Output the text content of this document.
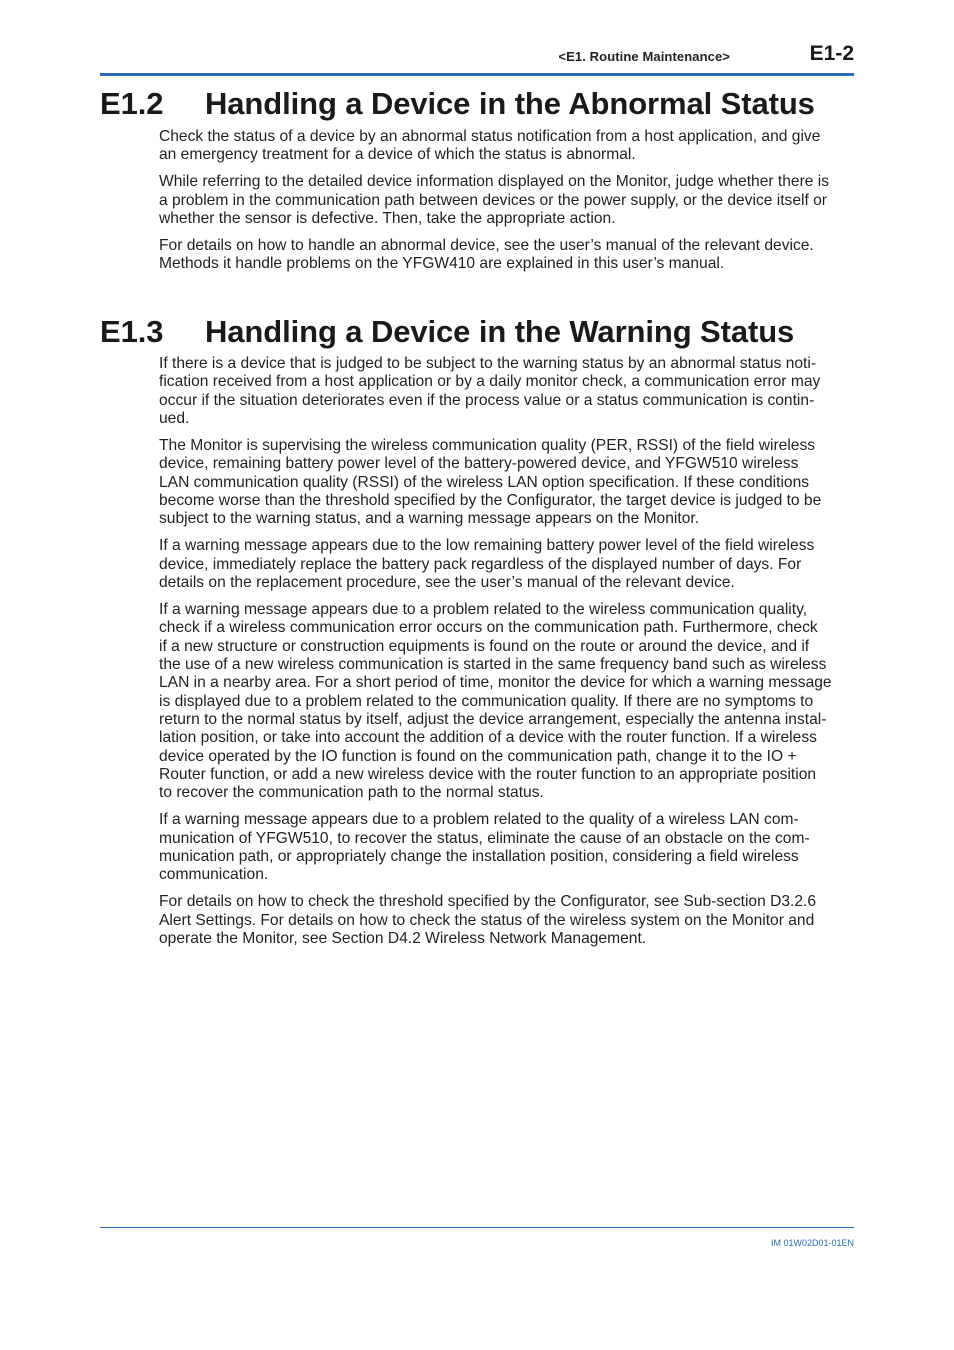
<E1. Routine Maintenance>	E1-2
E1.2 Handling a Device in the Abnormal Status

Check the status of a device by an abnormal status notification from a host application, and give
an emergency treatment for a device of which the status is abnormal.

While referring to the detailed device information displayed on the Monitor, judge whether there is
a problem in the communication path between devices or the power supply, or the device itself or
whether the sensor is defective. Then, take the appropriate action.

For details on how to handle an abnormal device, see the user’s manual of the relevant device.
Methods it handle problems on the YFGW410 are explained in this user’s manual.

E1.3 Handling a Device in the Warning Status

If there is a device that is judged to be subject to the warning status by an abnormal status noti-
fication received from a host application or by a daily monitor check, a communication error may
occur if the situation deteriorates even if the process value or a status communication is contin-
ued.

The Monitor is supervising the wireless communication quality (PER, RSSI) of the field wireless
device, remaining battery power level of the battery-powered device, and YFGW510 wireless
LAN communication quality (RSSI) of the wireless LAN option specification. If these conditions
become worse than the threshold specified by the Configurator, the target device is judged to be
subject to the warning status, and a warning message appears on the Monitor.

If a warning message appears due to the low remaining battery power level of the field wireless
device, immediately replace the battery pack regardless of the displayed number of days. For
details on the replacement procedure, see the user’s manual of the relevant device.

If a warning message appears due to a problem related to the wireless communication quality,
check if a wireless communication error occurs on the communication path. Furthermore, check
if a new structure or construction equipments is found on the route or around the device, and if
the use of a new wireless communication is started in the same frequency band such as wireless
LAN in a nearby area. For a short period of time, monitor the device for which a warning message
is displayed due to a problem related to the communication quality. If there are no symptoms to
return to the normal status by itself, adjust the device arrangement, especially the antenna instal-
lation position, or take into account the addition of a device with the router function. If a wireless
device operated by the IO function is found on the communication path, change it to the IO +
Router function, or add a new wireless device with the router function to an appropriate position
to recover the communication path to the normal status.

If a warning message appears due to a problem related to the quality of a wireless LAN com-
munication of YFGW510, to recover the status, eliminate the cause of an obstacle on the com-
munication path, or appropriately change the installation position, considering a field wireless
communication.

For details on how to check the threshold specified by the Configurator, see Sub-section D3.2.6
Alert Settings. For details on how to check the status of the wireless system on the Monitor and
operate the Monitor, see Section D4.2 Wireless Network Management.

IM 01W02D01-01EN
